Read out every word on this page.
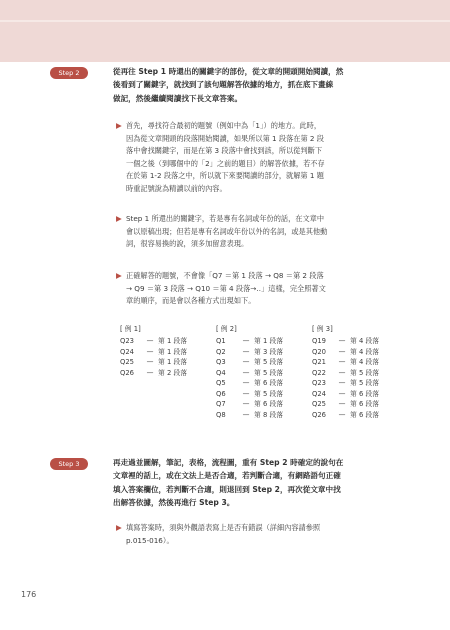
Step 2	從再往 Step 1 時還出的關鍵字的部份，從文章的開頭開始閱讀，然
後看到了關鍵字，就找到了該句題解答依據的地方，抓在底下畫線
做記，然後繼續閱讀找下長文章答案。
▶ 首先，尋找符合最初的題號（例如中為「1」）的地方。此時，
因為從文章開頭的段落開始閱讀，如果所以第 1 段落在第 2 段
落中會找關鍵字，而是在第 3 段落中會找到該，所以從判斷下
一個之後（到哪個中的「2」之前的題目）的解答依據，若不存
在於第 1-2 段落之中，所以就下來要閱讀的部分，就解第 1 題
時重記號說為精讀以前的內容。
▶ Step 1 所還出的關鍵字，若是專有名詞或年份的話，在文章中
會以原稿出現；但若是專有名詞或年份以外的名詞，或是其他動
詞，很容易換的說，須多加留意表現。
▶ 正確解答的題號，不會像「Q7 ＝第 1 段落 → Q8 ＝第 2 段落
→ Q9 ＝第 3 段落 → Q10 ＝第 4 段落→‥」這樣，完全照著文
章的順序，而是會以各種方式出現如下。
[ 例 1]
Q23 — 第 1 段落
Q24 — 第 1 段落
Q25 — 第 1 段落
Q26 — 第 2 段落
[ 例 2]
Q1 — 第 1 段落
Q2 — 第 3 段落
Q3 — 第 5 段落
Q4 — 第 5 段落
Q5 — 第 6 段落
Q6 — 第 5 段落
Q7 — 第 6 段落
Q8 — 第 8 段落
[ 例 3]
Q19 — 第 4 段落
Q20 — 第 4 段落
Q21 — 第 4 段落
Q22 — 第 5 段落
Q23 — 第 5 段落
Q24 — 第 6 段落
Q25 — 第 6 段落
Q26 — 第 6 段落
Step 3	再走過並圖解，筆記，表格，流程圖，重有 Step 2 時確定的說句在
文章裡的話上，或在文法上是否合適，若判斷合適，有網路語句正確
填入答案欄位，若判斷不合適，則退回到 Step 2，再次從文章中找
出解答依據，然後再進行 Step 3。
▶ 填寫答案時，須與外觀語表寫上是否有錯誤（詳細內容請參照
p.015-016）。
176
